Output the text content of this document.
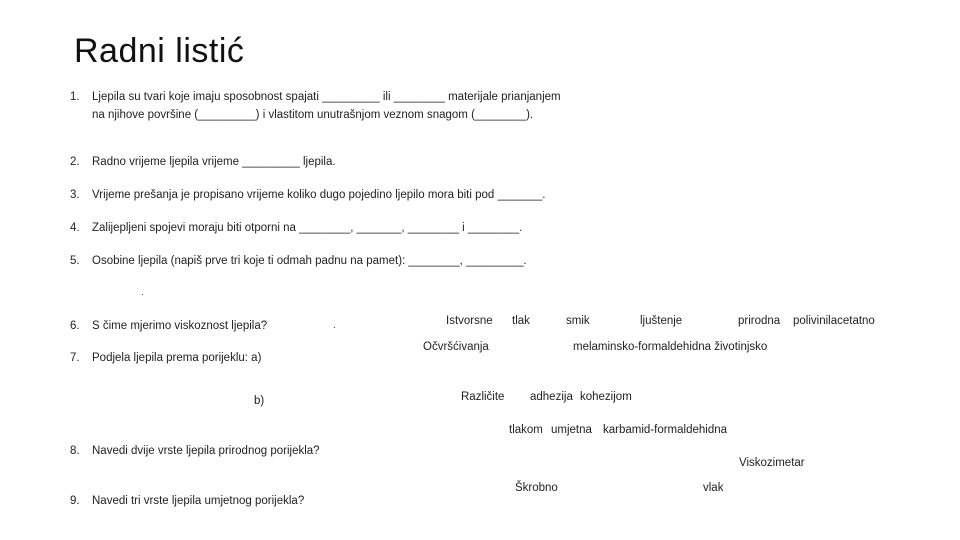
Radni listić
1. Ljepila su tvari koje imaju sposobnost spajati _________ ili ________ materijale prianjanjem
na njihove površine (_________) i vlastitom unutrašnjom veznom snagom (________).
2. Radno vrijeme ljepila vrijeme _________ ljepila.
3. Vrijeme prešanja je propisano vrijeme koliko dugo pojedino ljepilo mora biti pod _______.
4. Zalijepljeni spojevi moraju biti otporni na ________, _______, ________ i ________.
5. Osobine ljepila (napiš prve tri koje ti odmah padnu na pamet): ________, _________.
.
6. S čime mjerimo viskoznost ljepila?	.
7. Podjela ljepila prema porijeklu: a)
b)
8. Navedi dvije vrste ljepila prirodnog porijekla?
9. Navedi tri vrste ljepila umjetnog porijekla?
Istvorsne tlak	smik	ljuštenje	prirodna polivinilacetatno
Očvršćivanja	melaminsko-formaldehidna životinjsko
Različite adhezija kohezijom
tlakom umjetna karbamid-formaldehidna
Viskozimetar
Škrobno	vlak
